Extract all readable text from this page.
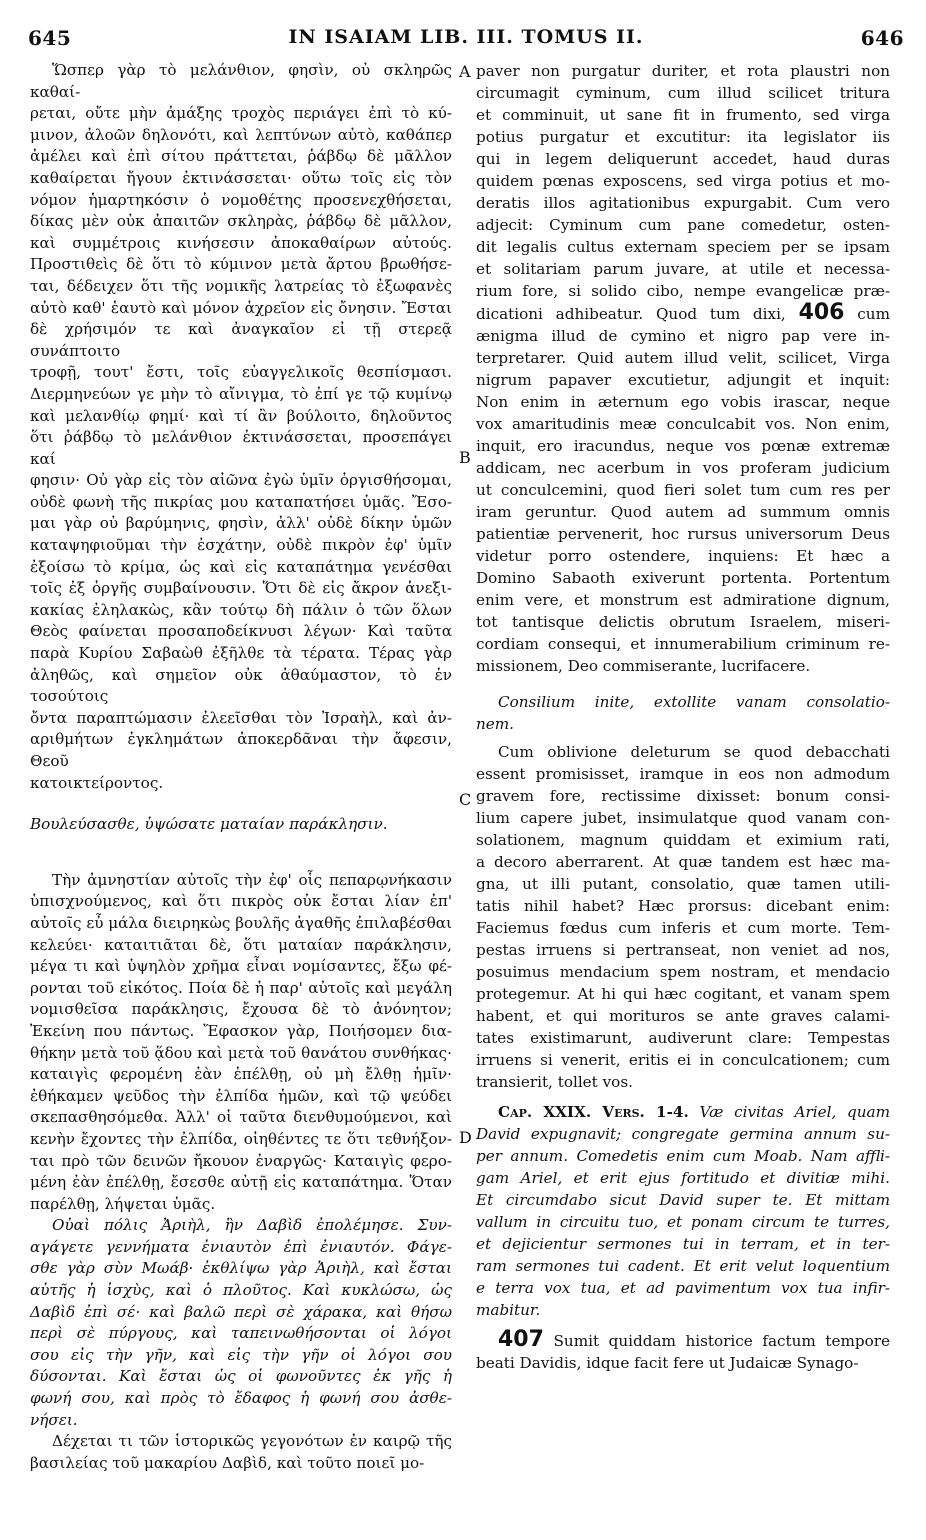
645	IN ISAIAM LIB. III. TOMUS II.	646
A
B
C
D

Ὥσπερ γὰρ τὸ μελάνθιον, φησὶν, οὐ σκληρῶς καθαί-

ρεται, οὔτε μὴν ἀμάξης τροχὸς περιάγει ἐπὶ τὸ κύ-

μινον, ἀλοῶν δηλονότι, καὶ λεπτύνων αὐτὸ, καθάπερ

ἀμέλει καὶ ἐπὶ σίτου πράττεται, ῥάβδῳ δὲ μᾶλλον

καθαίρεται ἤγουν ἐκτινάσσεται· οὕτω τοῖς εἰς τὸν

νόμον ἡμαρτηκόσιν ὁ νομοθέτης προσενεχθήσεται,

δίκας μὲν οὐκ ἀπαιτῶν σκληρὰς, ῥάβδῳ δὲ μᾶλλον,

καὶ συμμέτροις κινήσεσιν ἀποκαθαίρων αὐτούς.

Προστιθεὶς δὲ ὅτι τὸ κύμινον μετὰ ἄρτου βρωθήσε-

ται, δέδειχεν ὅτι τῆς νομικῆς λατρείας τὸ ἐξωφανὲς

αὐτὸ καθ' ἑαυτὸ καὶ μόνον ἀχρεῖον εἰς ὄνησιν. Ἔσται

δὲ χρήσιμόν τε καὶ ἀναγκαῖον εἰ τῇ στερεᾷ συνάπτοιτο

τροφῇ, τουτ' ἔστι, τοῖς εὐαγγελικοῖς θεσπίσμασι.

Διερμηνεύων γε μὴν τὸ αἴνιγμα, τὸ ἐπί γε τῷ κυμίνῳ

καὶ μελανθίῳ φημί· καὶ τί ἂν βούλοιτο, δηλοῦντος

ὅτι ῥάβδῳ τὸ μελάνθιον ἐκτινάσσεται, προσεπάγει καί

φησιν· Οὐ γὰρ εἰς τὸν αἰῶνα ἐγὼ ὑμῖν ὀργισθήσομαι,

οὐδὲ φωνὴ τῆς πικρίας μου καταπατήσει ὑμᾶς. Ἔσο-

μαι γὰρ οὐ βαρύμηνις, φησὶν, ἀλλ' οὐδὲ δίκην ὑμῶν

καταψηφιοῦμαι τὴν ἐσχάτην, οὐδὲ πικρὸν ἐφ' ὑμῖν

ἐξοίσω τὸ κρίμα, ὡς καὶ εἰς καταπάτημα γενέσθαι

τοῖς ἐξ ὀργῆς συμβαίνουσιν. Ὅτι δὲ εἰς ἄκρον ἀνεξι-

κακίας ἐληλακὼς, κἂν τούτῳ δὴ πάλιν ὁ τῶν ὅλων

Θεὸς φαίνεται προσαποδείκνυσι λέγων· Καὶ ταῦτα

παρὰ Κυρίου Σαβαὼθ ἐξῆλθε τὰ τέρατα. Τέρας γὰρ

ἀληθῶς, καὶ σημεῖον οὐκ ἀθαύμαστον, τὸ ἐν τοσούτοις

ὄντα παραπτώμασιν ἐλεεῖσθαι τὸν Ἰσραὴλ, καὶ ἀν-

αριθμήτων ἐγκλημάτων ἀποκερδᾶναι τὴν ἄφεσιν, Θεοῦ

κατοικτείροντος.

Βουλεύσασθε, ὑψώσατε ματαίαν παράκλησιν.

Τὴν ἀμνηστίαν αὐτοῖς τὴν ἐφ' οἷς πεπαρῳνήκασιν

ὑπισχνούμενος, καὶ ὅτι πικρὸς οὐκ ἔσται λίαν ἐπ'

αὐτοῖς εὖ μάλα διειρηκὼς βουλῆς ἀγαθῆς ἐπιλαβέσθαι

κελεύει· καταιτιᾶται δὲ, ὅτι ματαίαν παράκλησιν,

μέγα τι καὶ ὑψηλὸν χρῆμα εἶναι νομίσαντες, ἔξω φέ-

ρονται τοῦ εἰκότος. Ποία δὲ ἡ παρ' αὐτοῖς καὶ μεγάλη

νομισθεῖσα παράκλησις, ἔχουσα δὲ τὸ ἀνόνητον;

Ἐκείνη που πάντως. Ἔφασκον γὰρ, Ποιήσομεν δια-

θήκην μετὰ τοῦ ᾅδου καὶ μετὰ τοῦ θανάτου συνθήκας·

καταιγὶς φερομένη ἐὰν ἐπέλθῃ, οὐ μὴ ἔλθῃ ἡμῖν·

ἐθήκαμεν ψεῦδος τὴν ἐλπίδα ἡμῶν, καὶ τῷ ψεύδει

σκεπασθησόμεθα. Ἀλλ' οἱ ταῦτα διενθυμούμενοι, καὶ

κενὴν ἔχοντες τὴν ἐλπίδα, οἰηθέντες τε ὅτι τεθνήξον-

ται πρὸ τῶν δεινῶν ἤκουον ἐναργῶς· Καταιγὶς φερο-

μένη ἐὰν ἐπέλθῃ, ἔσεσθε αὐτῇ εἰς καταπάτημα. Ὅταν

παρέλθῃ, λήψεται ὑμᾶς.

Οὐαὶ πόλις Ἀριὴλ, ἣν Δαβὶδ ἐπολέμησε. Συν-

αγάγετε γεννήματα ἐνιαυτὸν ἐπὶ ἐνιαυτόν. Φάγε-

σθε γὰρ σὺν Μωάβ· ἐκθλίψω γὰρ Ἀριὴλ, καὶ ἔσται

αὐτῆς ἡ ἰσχὺς, καὶ ὁ πλοῦτος. Καὶ κυκλώσω, ὡς

Δαβὶδ ἐπὶ σέ· καὶ βαλῶ περὶ σὲ χάρακα, καὶ θήσω

περὶ σὲ πύργους, καὶ ταπεινωθήσονται οἱ λόγοι

σου εἰς τὴν γῆν, καὶ εἰς τὴν γῆν οἱ λόγοι σου

δύσονται. Καὶ ἔσται ὡς οἱ φωνοῦντες ἐκ γῆς ἡ

φωνή σου, καὶ πρὸς τὸ ἔδαφος ἡ φωνή σου ἀσθε-

νήσει.

Δέχεται τι τῶν ἱστορικῶς γεγονότων ἐν καιρῷ τῆς

βασιλείας τοῦ μακαρίου Δαβὶδ, καὶ τοῦτο ποιεῖ μο-

paver non purgatur duriter, et rota plaustri non

circumagit cyminum, cum illud scilicet tritura

et comminuit, ut sane fit in frumento, sed virga

potius purgatur et excutitur: ita legislator iis

qui in legem deliquerunt accedet, haud duras

quidem pœnas exposcens, sed virga potius et mo-

deratis illos agitationibus expurgabit. Cum vero

adjecit: Cyminum cum pane comedetur, osten-

dit legalis cultus externam speciem per se ipsam

et solitariam parum juvare, at utile et necessa-

rium fore, si solido cibo, nempe evangelicæ præ-

dicationi adhibeatur. Quod tum dixi, 406 cum

ænigma illud de cymino et nigro pap vere in-

terpretarer. Quid autem illud velit, scilicet, Virga

nigrum papaver excutietur, adjungit et inquit:

Non enim in æternum ego vobis irascar, neque

vox amaritudinis meæ conculcabit vos. Non enim,

inquit, ero iracundus, neque vos pœnæ extremæ

addicam, nec acerbum in vos proferam judicium

ut conculcemini, quod fieri solet tum cum res per

iram geruntur. Quod autem ad summum omnis

patientiæ pervenerit, hoc rursus universorum Deus

videtur porro ostendere, inquiens: Et hæc a

Domino Sabaoth exiverunt portenta. Portentum

enim vere, et monstrum est admiratione dignum,

tot tantisque delictis obrutum Israelem, miseri-

cordiam consequi, et innumerabilium criminum re-

missionem, Deo commiserante, lucrifacere.

Consilium inite, extollite vanam consolatio-

nem.

Cum oblivione deleturum se quod debacchati

essent promisisset, iramque in eos non admodum

gravem fore, rectissime dixisset: bonum consi-

lium capere jubet, insimulatque quod vanam con-

solationem, magnum quiddam et eximium rati,

a decoro aberrarent. At quæ tandem est hæc ma-

gna, ut illi putant, consolatio, quæ tamen utili-

tatis nihil habet? Hæc prorsus: dicebant enim:

Faciemus fœdus cum inferis et cum morte. Tem-

pestas irruens si pertranseat, non veniet ad nos,

posuimus mendacium spem nostram, et mendacio

protegemur. At hi qui hæc cogitant, et vanam spem

habent, et qui morituros se ante graves calami-

tates existimarunt, audiverunt clare: Tempestas

irruens si venerit, eritis ei in conculcationem; cum

transierit, tollet vos.

Cap. XXIX. Vers. 1-4. Væ civitas Ariel, quam

David expugnavit; congregate germina annum su-

per annum. Comedetis enim cum Moab. Nam affli-

gam Ariel, et erit ejus fortitudo et divitiæ mihi.

Et circumdabo sicut David super te. Et mittam

vallum in circuitu tuo, et ponam circum te turres,

et dejicientur sermones tui in terram, et in ter-

ram sermones tui cadent. Et erit velut loquentium

e terra vox tua, et ad pavimentum vox tua infir-

mabitur.

407 Sumit quiddam historice factum tempore

beati Davidis, idque facit fere ut Judaicæ Synago-
